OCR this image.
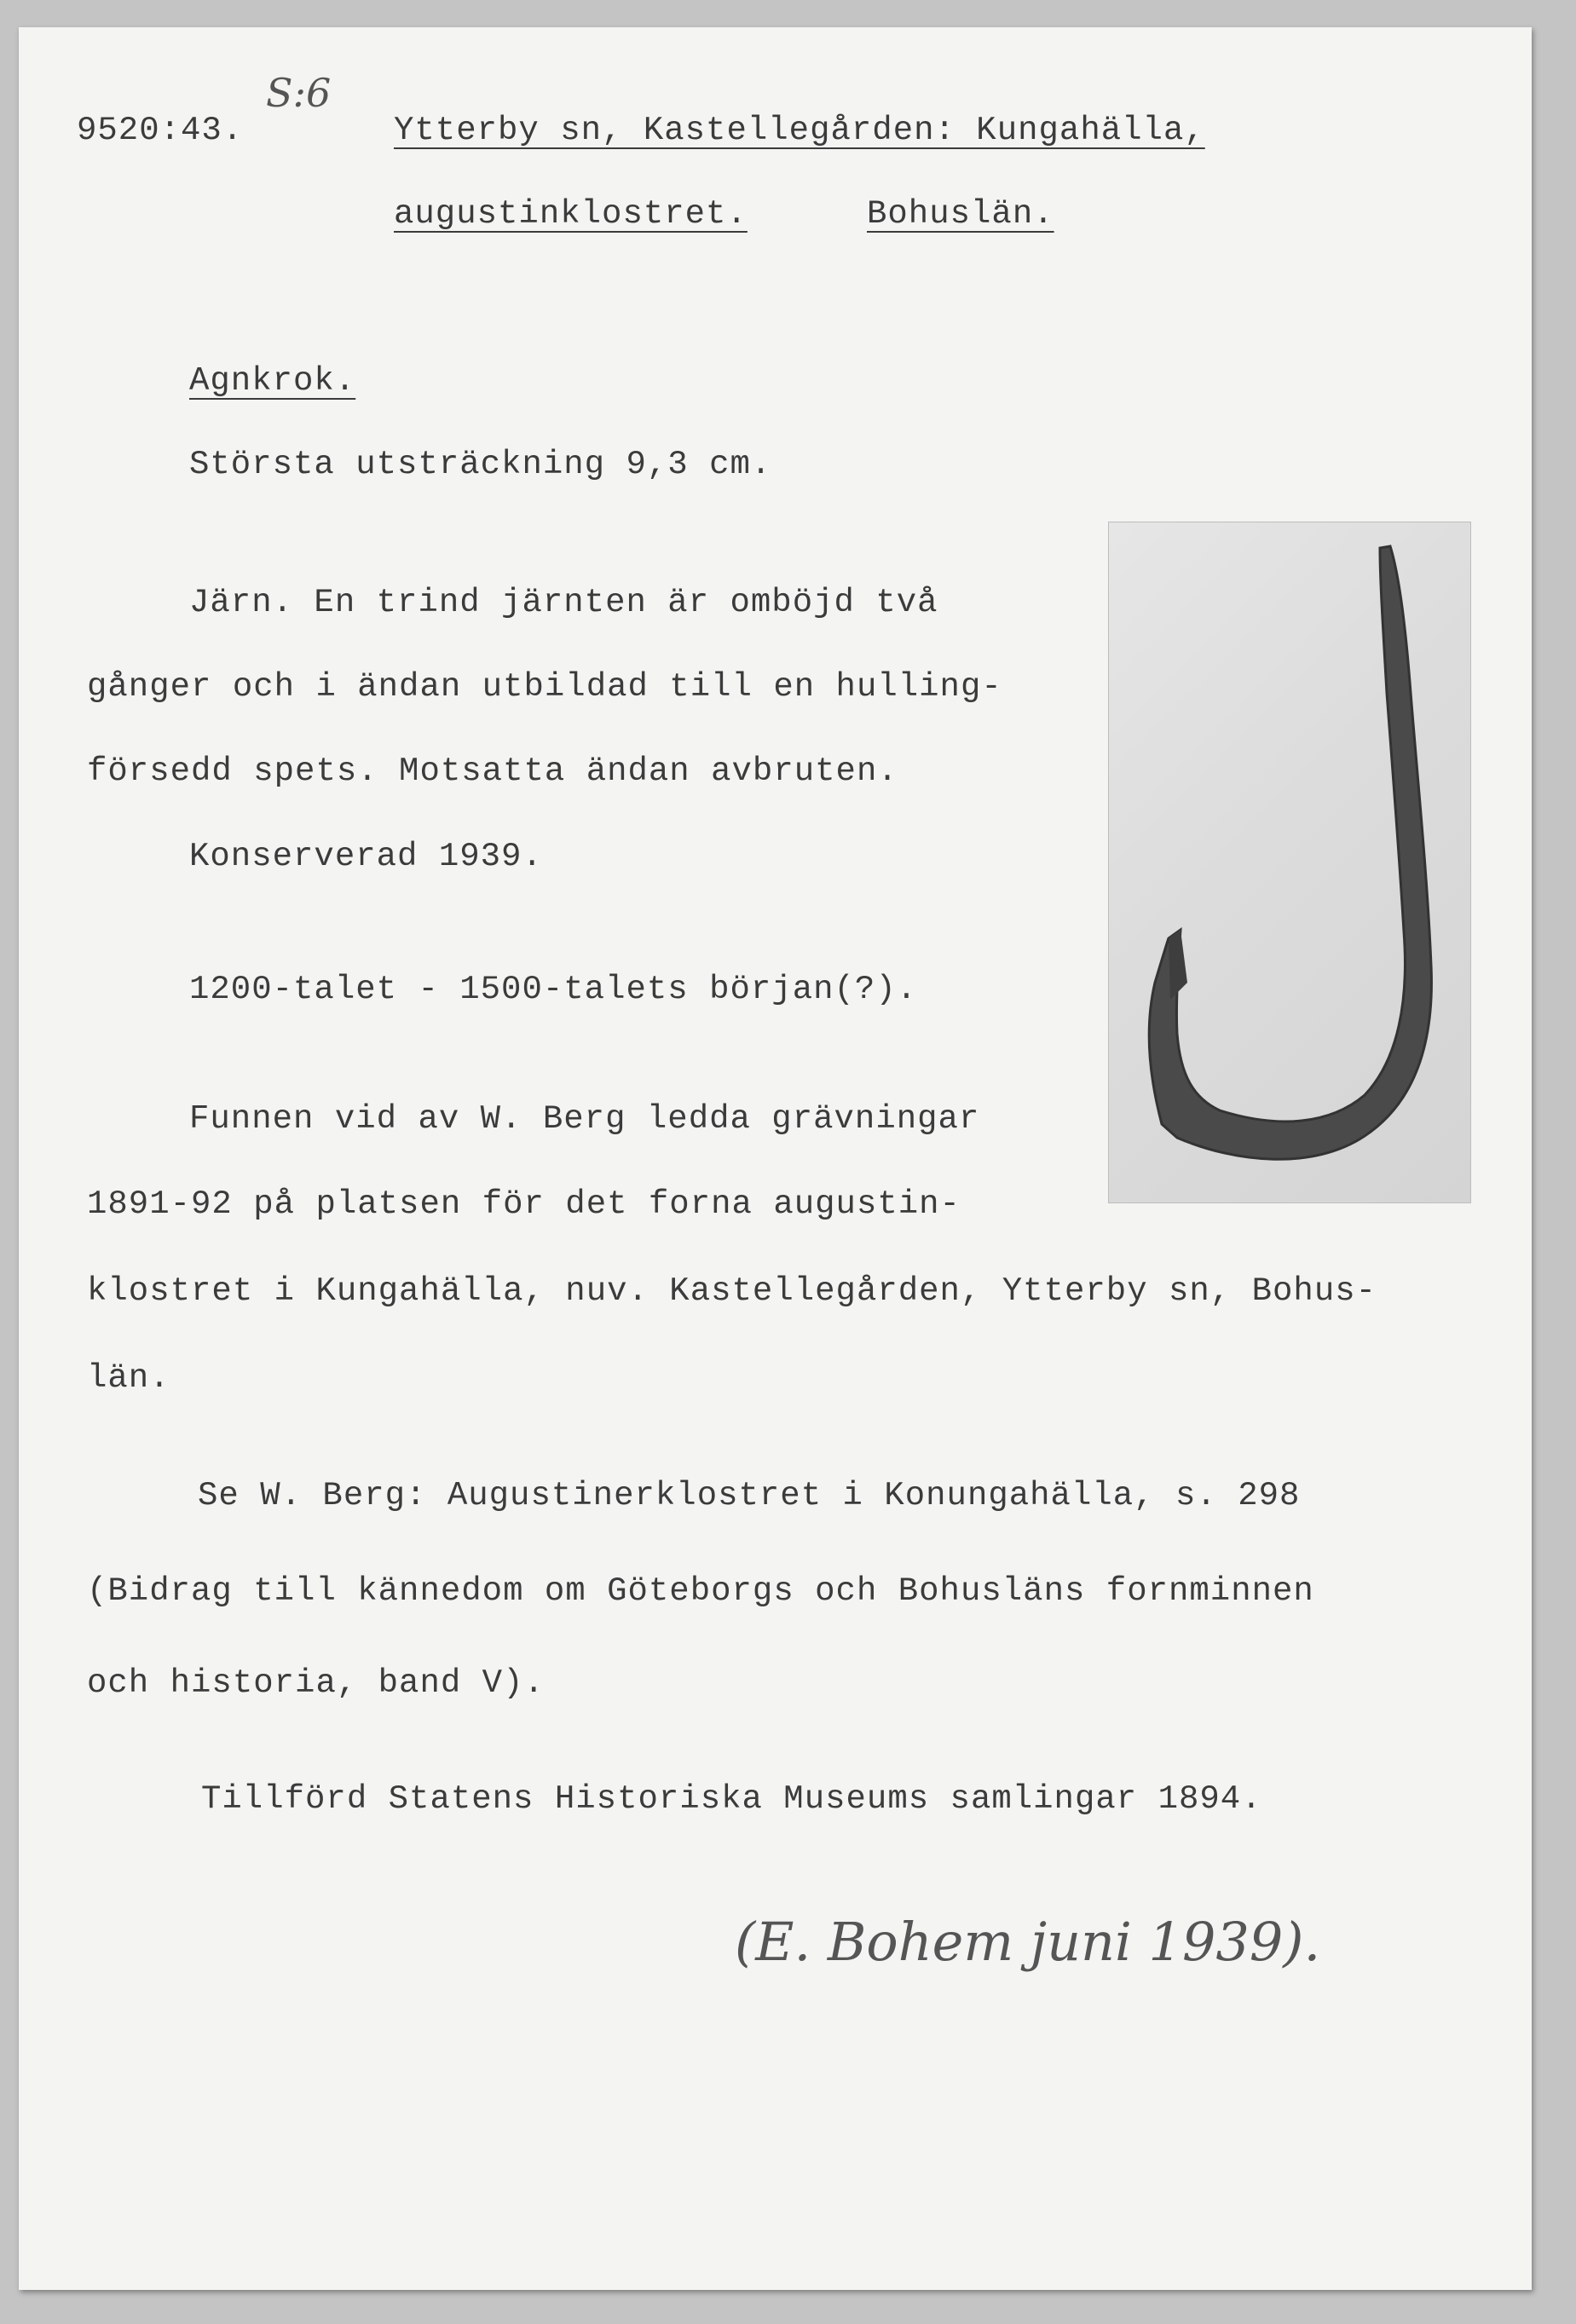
9520:43.
S:6
Ytterby sn, Kastellegården: Kungahälla,
augustinklostret.	Bohuslän.
Agnkrok.
Största utsträckning 9,3 cm.
Järn. En trind järnten är omböjd två
gånger och i ändan utbildad till en hulling-
försedd spets. Motsatta ändan avbruten.
Konserverad 1939.
1200-talet - 1500-talets början(?).
Funnen vid av W. Berg ledda grävningar
1891-92 på platsen för det forna augustin-
klostret i Kungahälla, nuv. Kastellegården, Ytterby sn, Bohus-
län.
Se W. Berg: Augustinerklostret i Konungahälla, s. 298
(Bidrag till kännedom om Göteborgs och Bohusläns fornminnen
och historia, band V).
Tillförd Statens Historiska Museums samlingar 1894.
(E. Bohem juni 1939).
